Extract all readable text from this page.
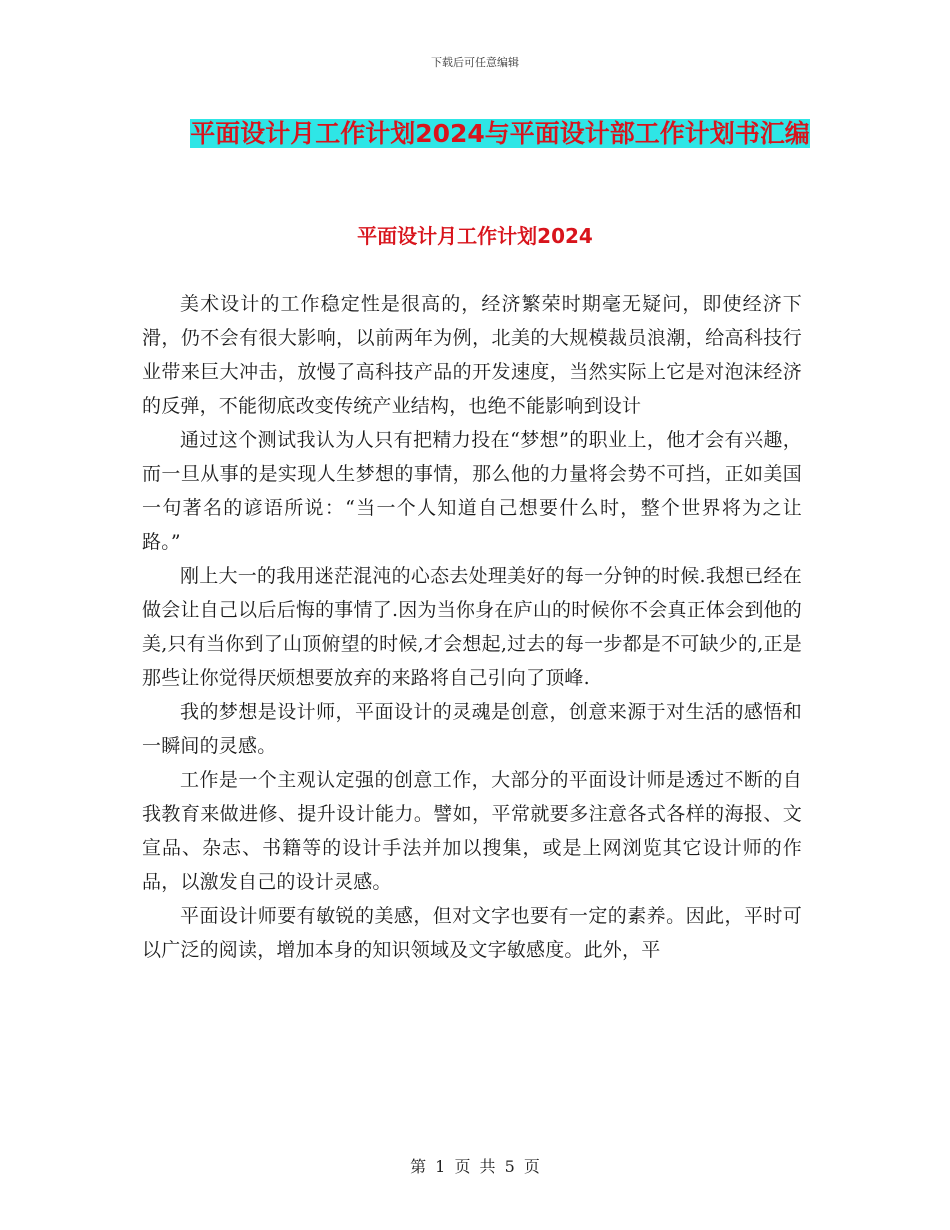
下载后可任意编辑
平面设计月工作计划2024与平面设计部工作计划书汇编
平面设计月工作计划2024

美术设计的工作稳定性是很高的，经济繁荣时期毫无疑问，即使经济下滑，仍不会有很大影响，以前两年为例，北美的大规模裁员浪潮，给高科技行业带来巨大冲击，放慢了高科技产品的开发速度，当然实际上它是对泡沫经济的反弹，不能彻底改变传统产业结构，也绝不能影响到设计

通过这个测试我认为人只有把精力投在“梦想”的职业上，他才会有兴趣，而一旦从事的是实现人生梦想的事情，那么他的力量将会势不可挡，正如美国一句著名的谚语所说：“当一个人知道自己想要什么时，整个世界将为之让路。”

刚上大一的我用迷茫混沌的心态去处理美好的每一分钟的时候.我想已经在做会让自己以后后悔的事情了.因为当你身在庐山的时候你不会真正体会到他的美,只有当你到了山顶俯望的时候,才会想起,过去的每一步都是不可缺少的,正是那些让你觉得厌烦想要放弃的来路将自己引向了顶峰.

我的梦想是设计师，平面设计的灵魂是创意，创意来源于对生活的感悟和一瞬间的灵感。

工作是一个主观认定强的创意工作，大部分的平面设计师是透过不断的自我教育来做进修、提升设计能力。譬如，平常就要多注意各式各样的海报、文宣品、杂志、书籍等的设计手法并加以搜集，或是上网浏览其它设计师的作品，以激发自己的设计灵感。

平面设计师要有敏锐的美感，但对文字也要有一定的素养。因此，平时可以广泛的阅读，增加本身的知识领域及文字敏感度。此外，平

第 1 页 共 5 页
